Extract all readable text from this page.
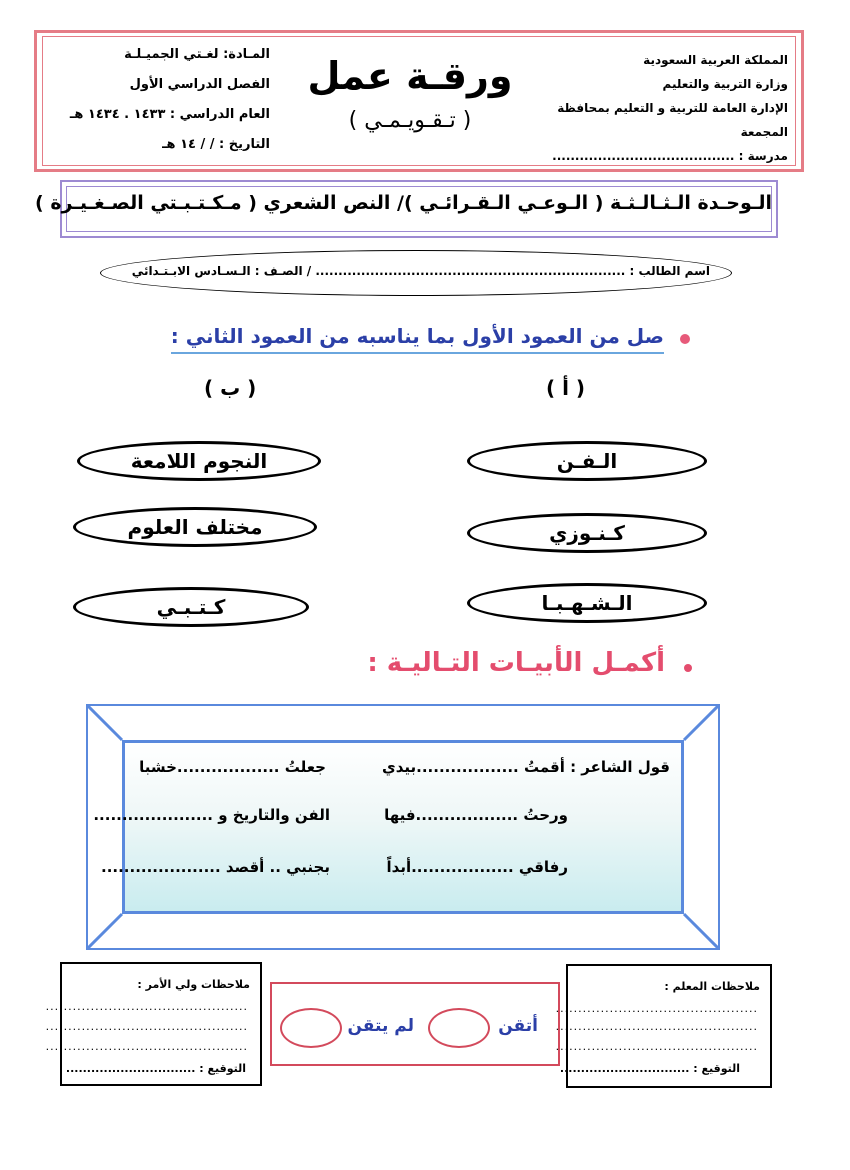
المملكة العربية السعودية
وزارة التربية والتعليم
الإدارة العامة للتربية و التعليم بمحافظة المجمعة
مدرسة : ........................................
ورقـة عمل
( تـقـويـمـي )
المـادة: لغـتي الجميـلـة
الفصل الدراسي الأول
العام الدراسي : ١٤٣٣ . ١٤٣٤ هـ
التاريخ : / / ١٤ هـ
الـوحـدة الـثـالـثـة ( الـوعـي الـقـرائـي )/ النص الشعري ( مـكـتـبـتي الصـغـيـرة )
اسم الطالب : .................................................................... / الصـف : الـسـادس الابـتـدائي
صل من العمود الأول بما يناسبه من العمود الثاني :
( أ )
( ب )
الـفـن
كـنـوزي
الـشـهـبـا
النجوم اللامعة
مختلف العلوم
كـتـبـي
أكمـل الأبيـات التـاليـة :
قول الشاعر : أقمتُ ..................بيدي
جعلتُ ..................خشبا
ورحتُ ..................فيها
الفن والتاريخ و .....................
رفاقي ..................أبداً
بجنبي .. أقصد .....................
ملاحظات المعلم :
.............................................
.............................................
.............................................
التوقيع : ...............................
أتقن
لم يتقن
ملاحظات ولي الأمر :
.............................................
.............................................
.............................................
التوقيع : ...............................
